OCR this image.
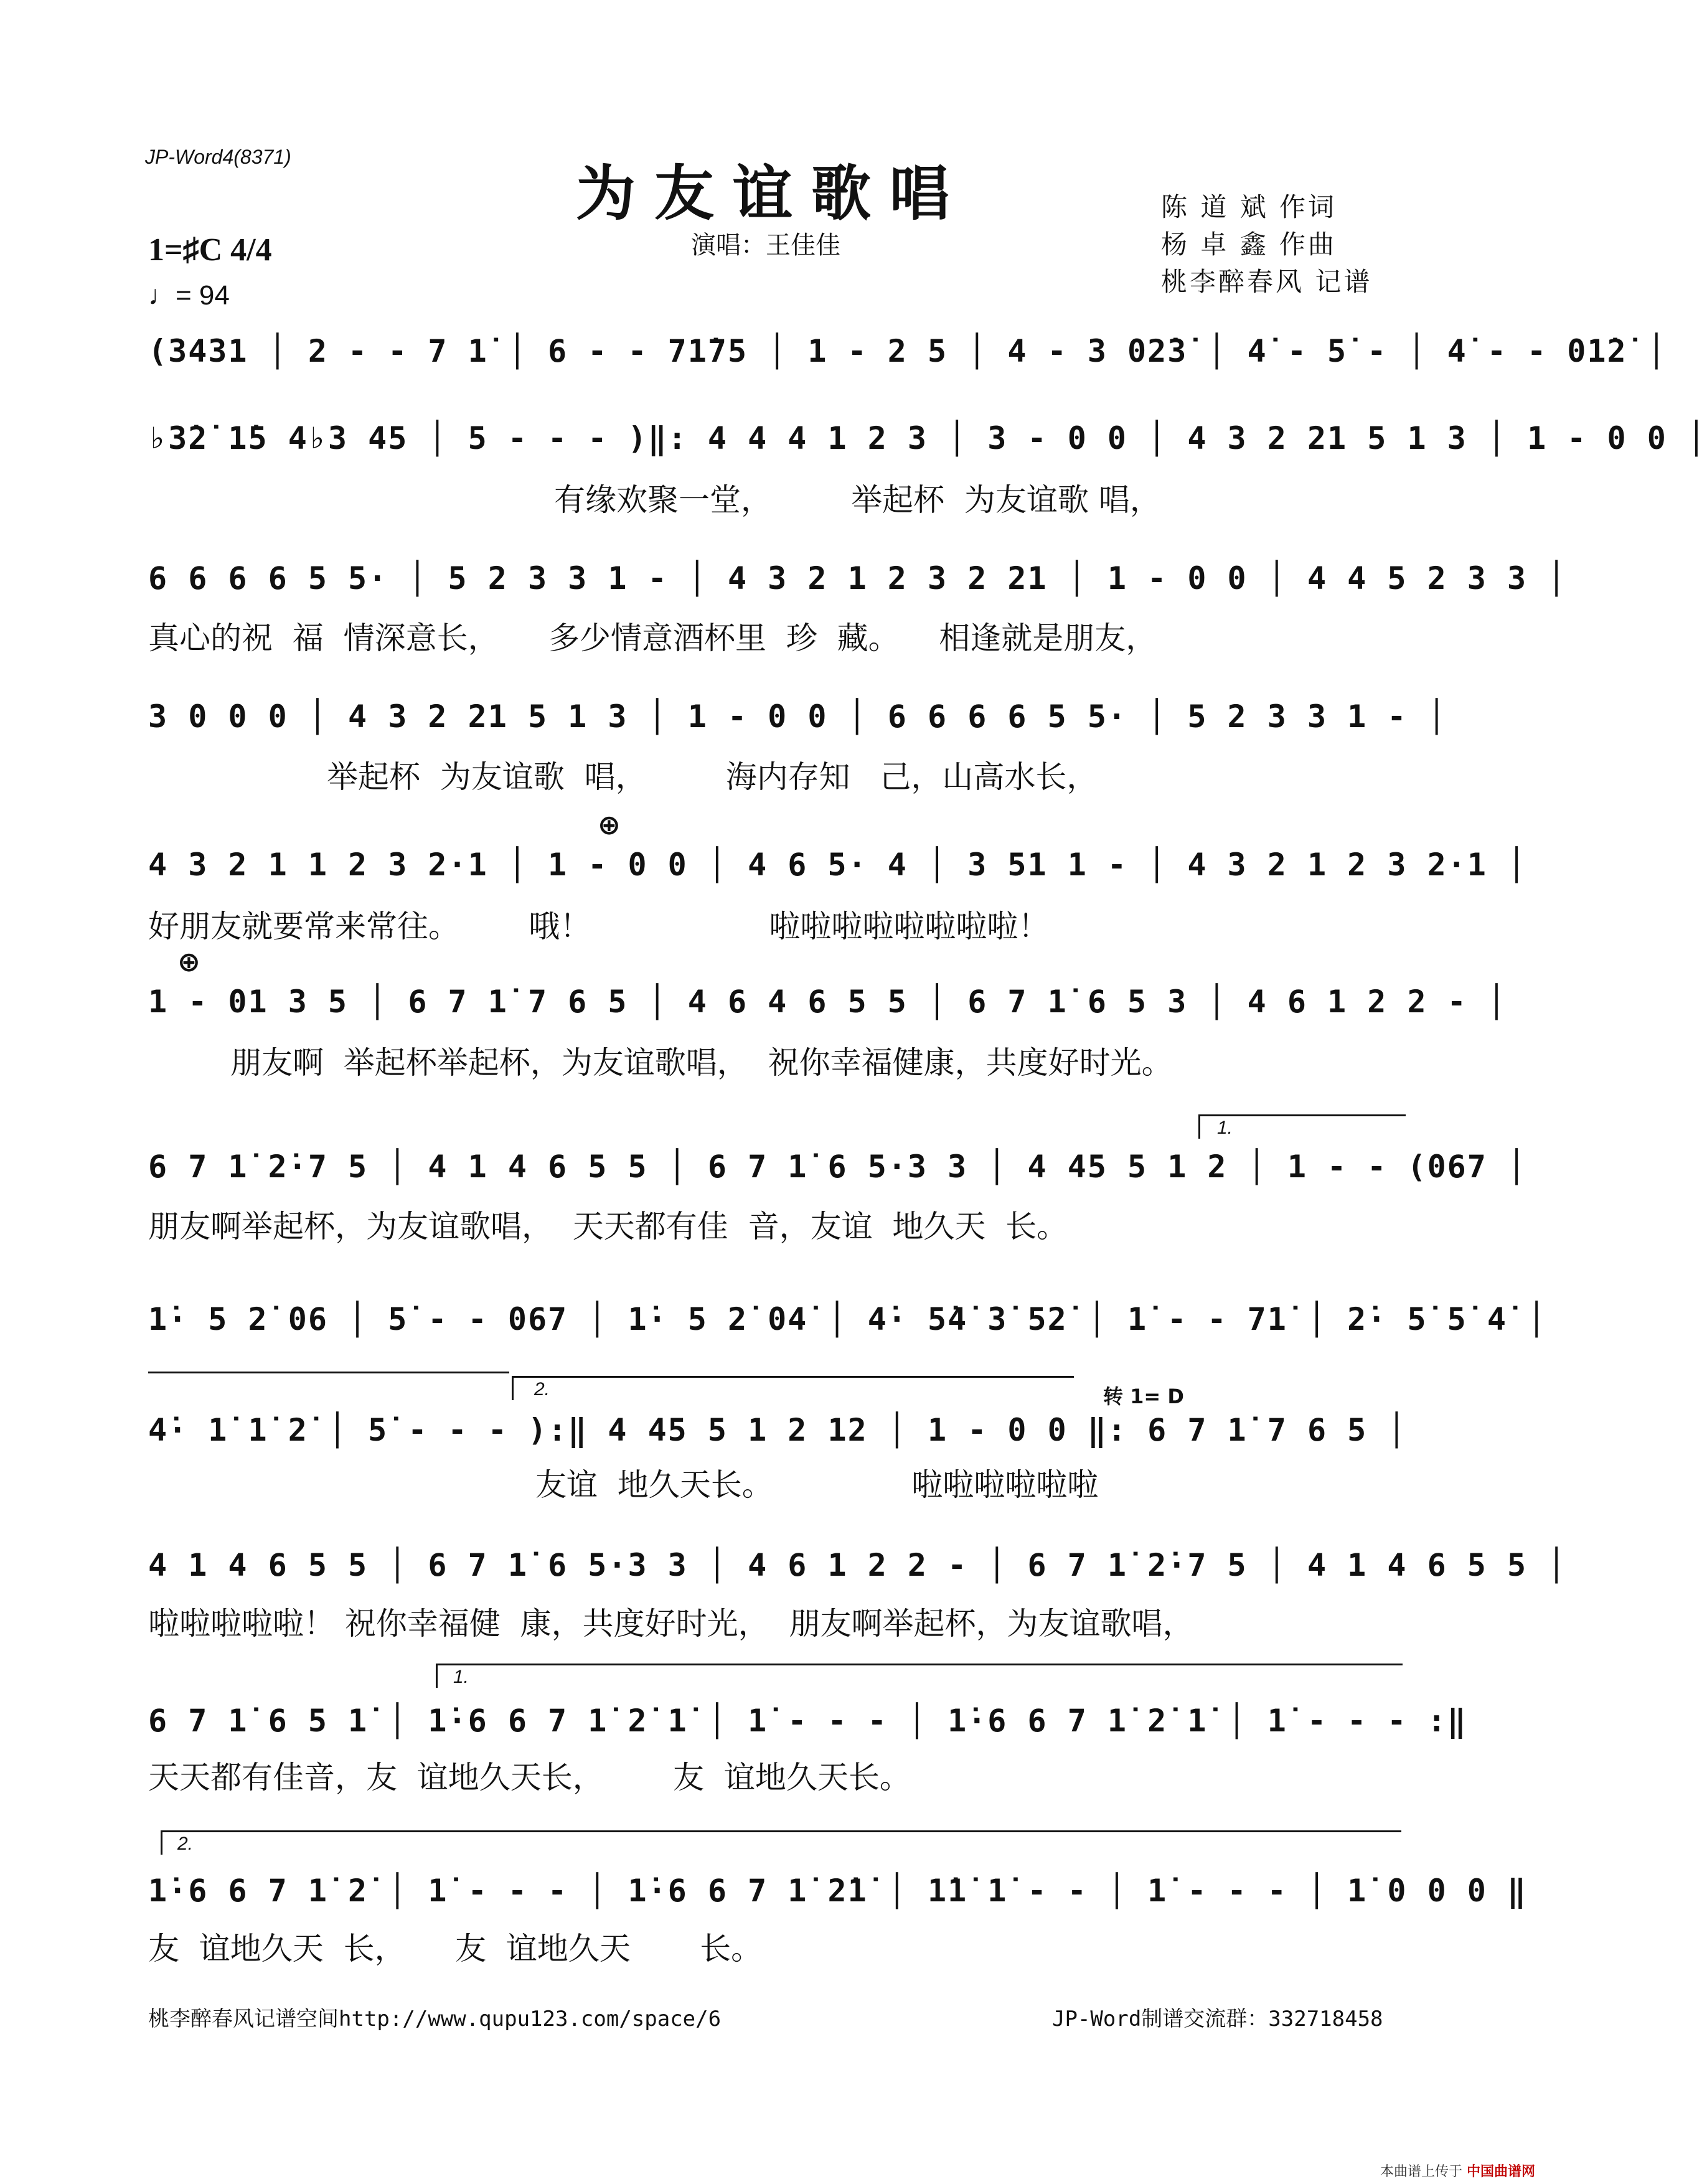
JP-Word4(8371)
为友谊歌唱
演唱：王佳佳
陈 道 斌 作词
杨 卓 鑫 作曲
桃李醉春风 记谱
1=♯C 4/4
♩= 94
(3431 │ 2 - - 7 1̇ │ 6 - - 71̇75 │ 1 - 2 5 │ 4 - 3 02̇3̇ │ 4̇ - 5̇ - │ 4̇ - - 01̇2̇ │
♭3̇2̇ 1̇5 4♭3 45 │ 5 - - - )‖: 4 4 4 1 2 3 │ 3 - 0 0 │ 4 3 2 21 5 1 3 │ 1 - 0 0 │
有缘欢聚一堂，        举起杯  为友谊歌 唱，
6 6 6 6 5 5· │ 5 2 3 3 1 - │ 4 3 2 1 2 3 2 21 │ 1 - 0 0 │ 4 4 5 2 3 3 │
真心的祝  福  情深意长，     多少情意酒杯里  珍  藏。    相逢就是朋友，
3 0 0 0 │ 4 3 2 21 5 1 3 │ 1 - 0 0 │ 6 6 6 6 5 5· │ 5 2 3 3 1 - │
举起杯  为友谊歌  唱，        海内存知   己，山高水长，
⊕
4 3 2 1 1 2 3 2·1 │ 1 - 0 0 │ 4 6 5· 4 │ 3 51 1 - │ 4 3 2 1 2 3 2·1 │
好朋友就要常来常往。       哦！                  啦啦啦啦啦啦啦啦！
⊕
1 - 01 3 5 │ 6 7 1̇ 7 6 5 │ 4 6 4 6 5 5 │ 6 7 1̇ 6 5 3 │ 4 6 1 2 2 - │
朋友啊  举起杯举起杯，为友谊歌唱，  祝你幸福健康，共度好时光。
1.
6 7 1̇ 2̇·7 5 │ 4 1 4 6 5 5 │ 6 7 1̇ 6 5·3 3 │ 4 45 5 1 2 │ 1 - - (067 │
朋友啊举起杯，为友谊歌唱，  天天都有佳  音，友谊  地久天  长。
1̇· 5 2̇ 06 │ 5̇ - - 067 │ 1̇· 5 2̇ 04̇ │ 4̇· 5̇4̇ 3̇ 52̇ │ 1̇ - - 71̇ │ 2̇· 5̇ 5̇ 4̇ │
2.	转 1= D
4̇· 1̇ 1̇ 2̇ │ 5̇ - - - ):‖ 4 45 5 1 2 12 │ 1 - 0 0 ‖: 6 7 1̇ 7 6 5 │
友谊  地久天长。              啦啦啦啦啦啦
4 1 4 6 5 5 │ 6 7 1̇ 6 5·3 3 │ 4 6 1 2 2 - │ 6 7 1̇ 2̇·7 5 │ 4 1 4 6 5 5 │
啦啦啦啦啦！ 祝你幸福健  康，共度好时光，  朋友啊举起杯，为友谊歌唱，
1.
6 7 1̇ 6 5 1̇ │ 1̇·6 6 7 1̇ 2̇ 1̇ │ 1̇ - - - │ 1̇·6 6 7 1̇ 2̇ 1̇ │ 1̇ - - - :‖
天天都有佳音，友  谊地久天长，       友  谊地久天长。
2.
1̇·6 6 7 1̇ 2̇ │ 1̇ - - - │ 1̇·6 6 7 1̇ 2̇1̇ │ 1̇1̇ 1̇ - - │ 1̇ - - - │ 1̇ 0 0 0 ‖
友  谊地久天  长，     友  谊地久天       长。
桃李醉春风记谱空间http://www.qupu123.com/space/6	JP-Word制谱交流群：332718458
本曲谱上传于 中国曲谱网
